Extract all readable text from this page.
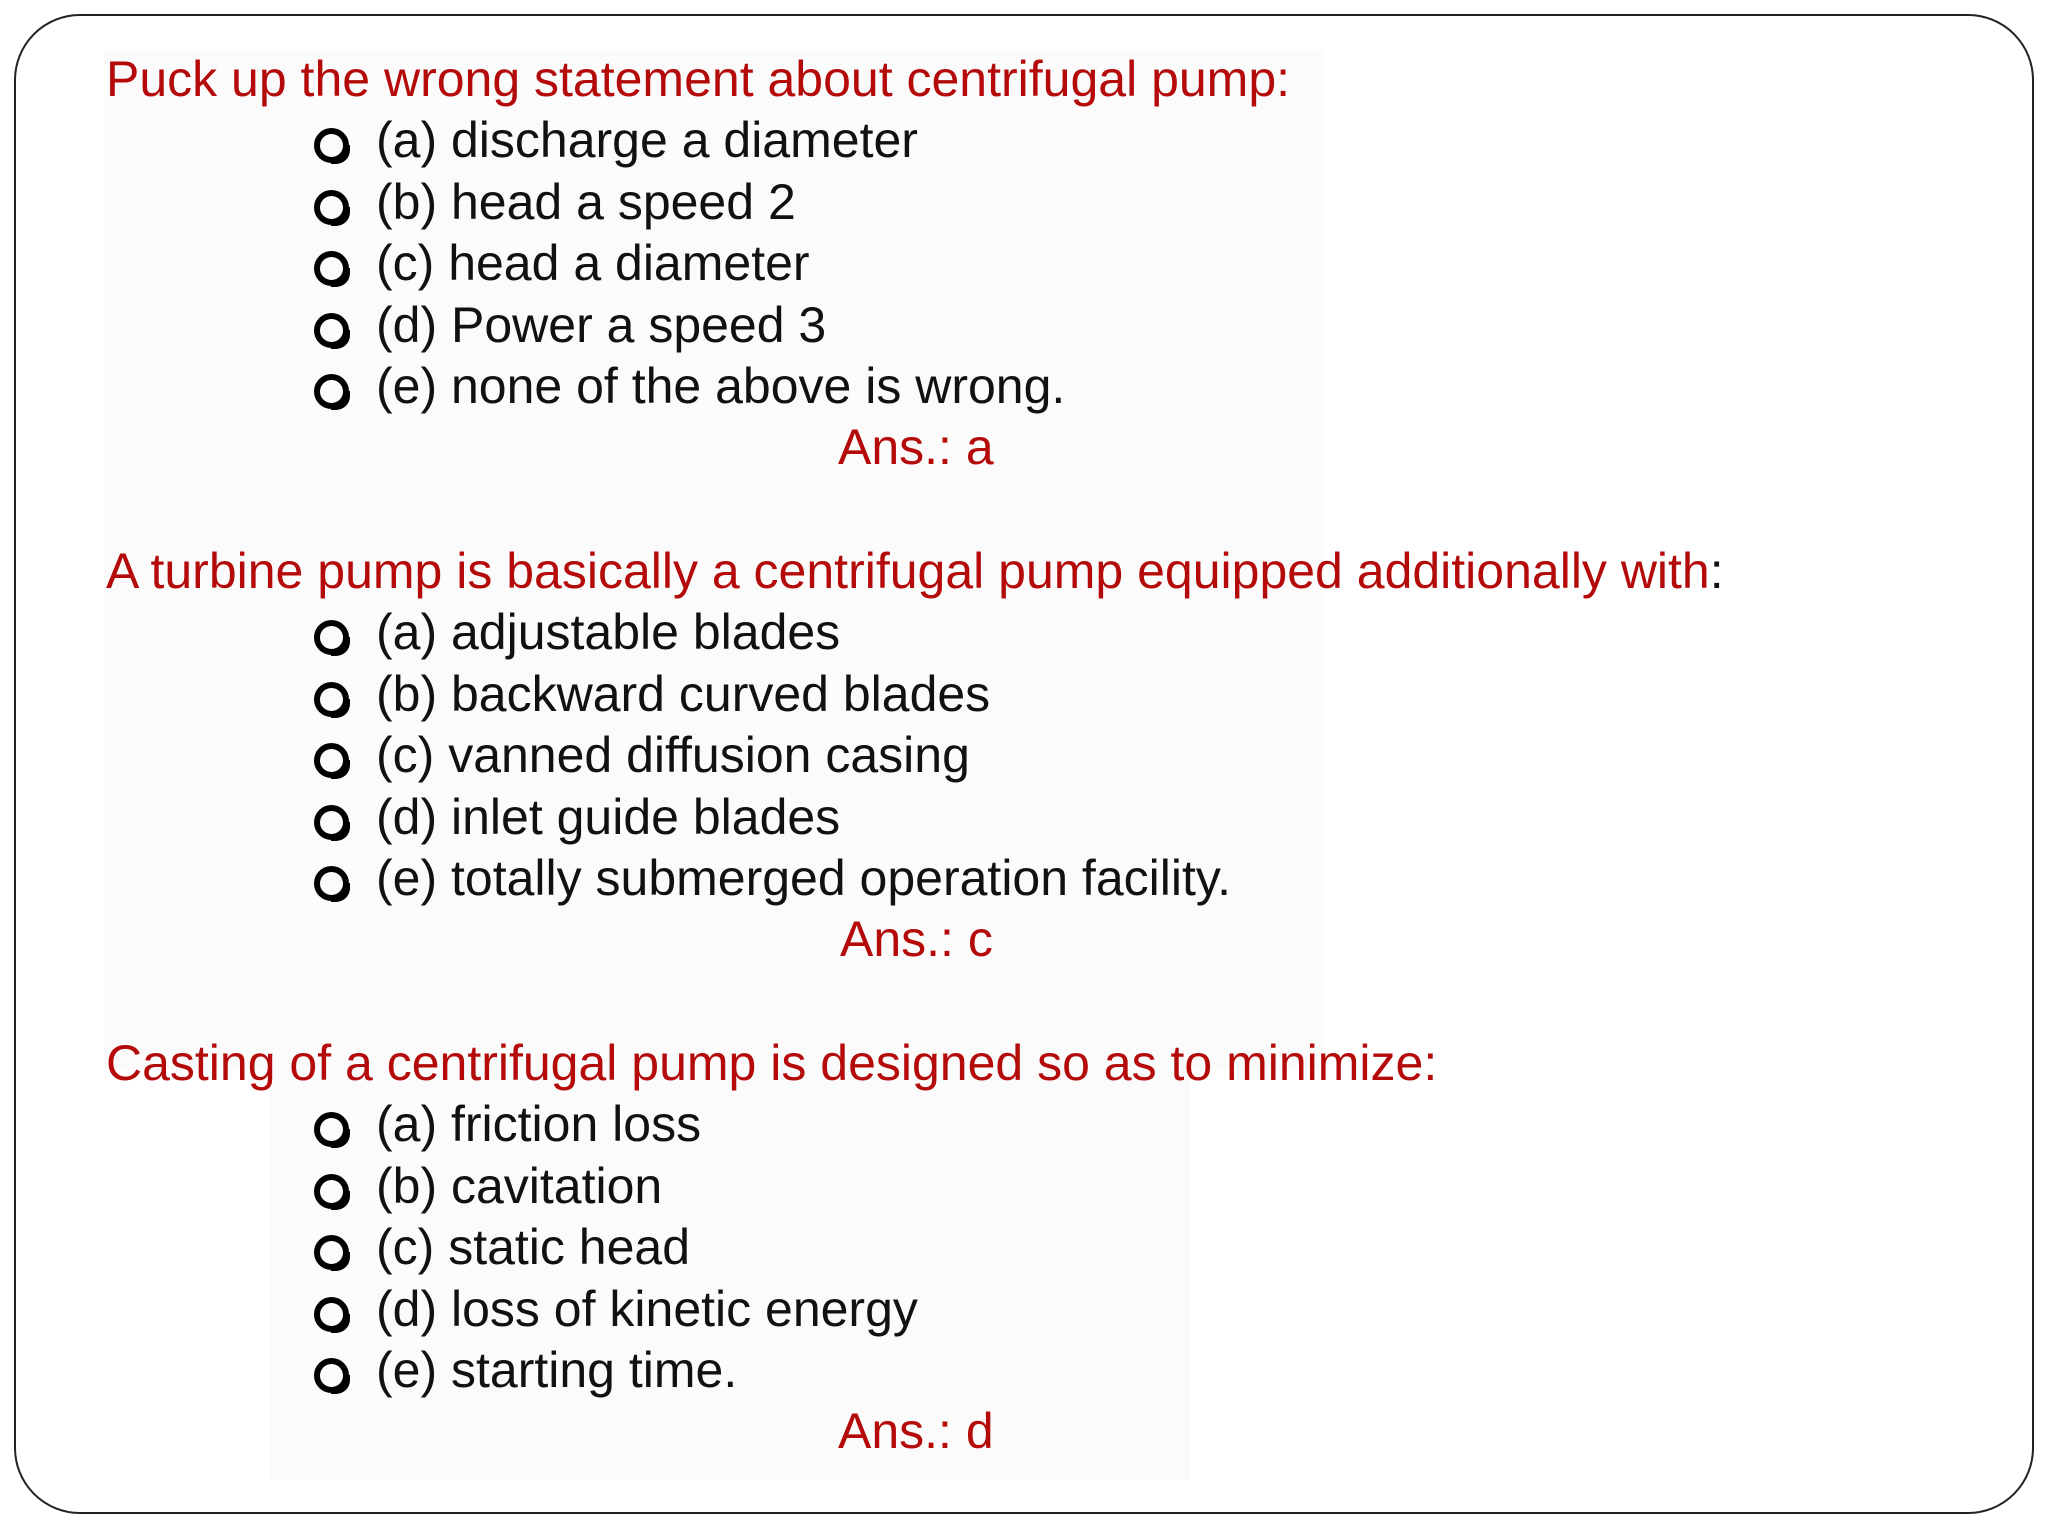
Puck up the wrong statement about centrifugal pump:
(a) discharge a diameter
(b) head a speed 2
(c) head a diameter
(d) Power a speed 3
(e) none of the above is wrong.
Ans.: a
A turbine pump is basically a centrifugal pump equipped additionally with:
(a) adjustable blades
(b) backward curved blades
(c) vanned diffusion casing
(d) inlet guide blades
(e) totally submerged operation facility.
Ans.: c
Casting of a centrifugal pump is designed so as to minimize:
(a) friction loss
(b) cavitation
(c) static head
(d) loss of kinetic energy
(e) starting time.
Ans.: d
